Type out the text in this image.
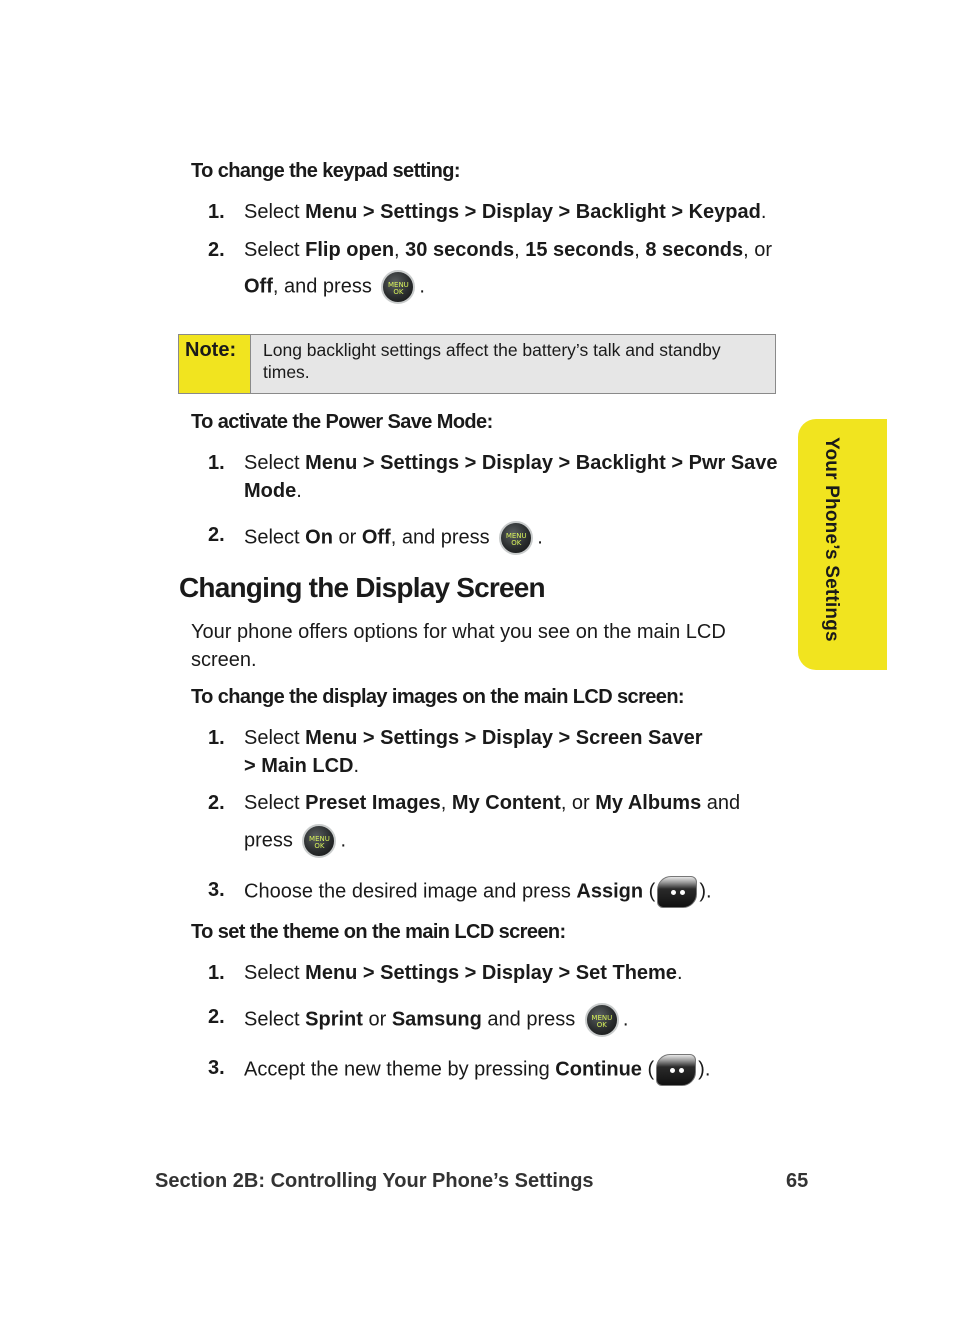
To change the keypad setting:
1. Select Menu > Settings > Display > Backlight > Keypad.
2. Select Flip open, 30 seconds, 15 seconds, 8 seconds, or
Off, and press	MENU
OK .
Note:	Long backlight settings affect the battery’s talk and standby times.
To activate the Power Save Mode:
1. Select Menu > Settings > Display > Backlight > Pwr Save
Mode.
2. Select On or Off, and press	MENU
OK .
Changing the Display Screen
Your phone offers options for what you see on the main LCD screen.
To change the display images on the main LCD screen:
1. Select Menu > Settings > Display > Screen Saver
> Main LCD.
2. Select Preset Images, My Content, or My Albums and
press	MENU
OK .
3. Choose the desired image and press Assign ( ).
To set the theme on the main LCD screen:
1. Select Menu > Settings > Display > Set Theme.
2. Select Sprint or Samsung and press	MENU
OK .
3. Accept the new theme by pressing Continue ( ).
Your Phone’s Settings
Section 2B: Controlling Your Phone’s Settings	65
